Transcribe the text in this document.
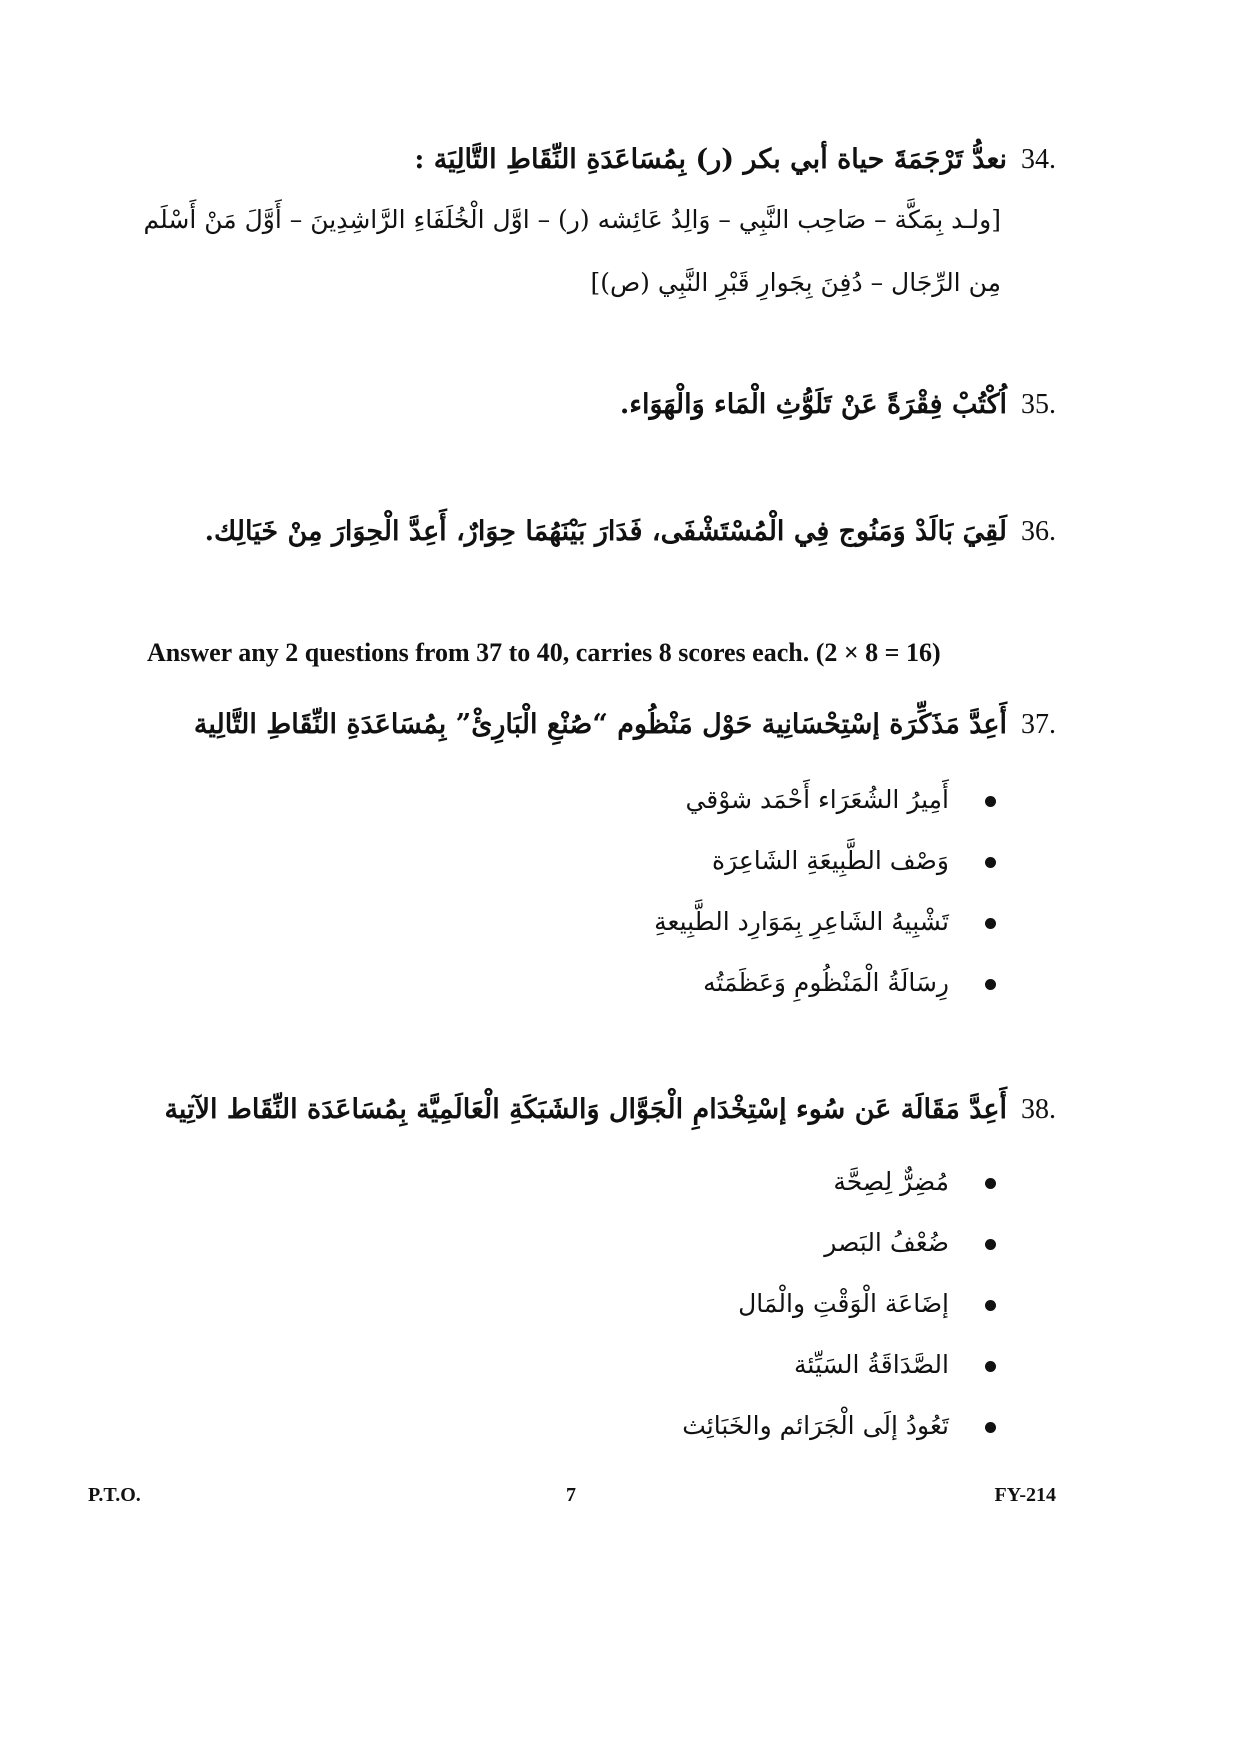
34.نعدُّ تَرْجَمَةَ حياة أبي بكر (ر) بِمُسَاعَدَةِ النِّقَاطِ التَّالِيَة :
[ولـد بِمَكَّة – صَاحِب النَّبِي – وَالِدُ عَائِشه (ر) – اوَّل الْخُلَفَاءِ الرَّاشِدِينَ – أَوَّلَ مَنْ أَسْلَم
مِن الرِّجَال – دُفِنَ بِجَوارِ قَبْرِ النَّبِي (ص)]
35.اُكْتُبْ فِقْرَةً عَنْ تَلَوُّثِ الْمَاء وَالْهَوَاء.
36.لَقِيَ بَالَدْ وَمَنُوج فِي الْمُسْتَشْفَى، فَدَارَ بَيْنَهُمَا حِوَارٌ، أَعِدَّ الْحِوَارَ مِنْ خَيَالِك.
Answer any 2 questions from 37 to 40, carries 8 scores each. (2 × 8 = 16)
37.أَعِدَّ مَذَكِّرَة إسْتِحْسَانِية حَوْل مَنْظُوم “صُنْعِ الْبَارِئْ” بِمُسَاعَدَةِ النِّقَاطِ التَّالِية
أَمِيرُ الشُعَرَاء أَحْمَد شوْقي
وَصْف الطَّبِيعَةِ الشَاعِرَة
تَشْبِيهُ الشَاعِرِ بِمَوَارِد الطَّبِيعةِ
رِسَالَةُ الْمَنْظُومِ وَعَظَمَتُه
38.أَعِدَّ مَقَالَة عَن سُوء إسْتِخْدَامِ الْجَوَّال وَالشَبَكَةِ الْعَالَمِيَّة بِمُسَاعَدَة النِّقَاط الآتِية
مُضِرٌّ لِصِحَّة
ضُعْفُ البَصر
إضَاعَة الْوَقْتِ والْمَال
الصَّدَاقَةُ السَيِّئة
تَعُودُ إلَى الْجَرَائم والخَبَائِث
P.T.O.	7	FY-214
